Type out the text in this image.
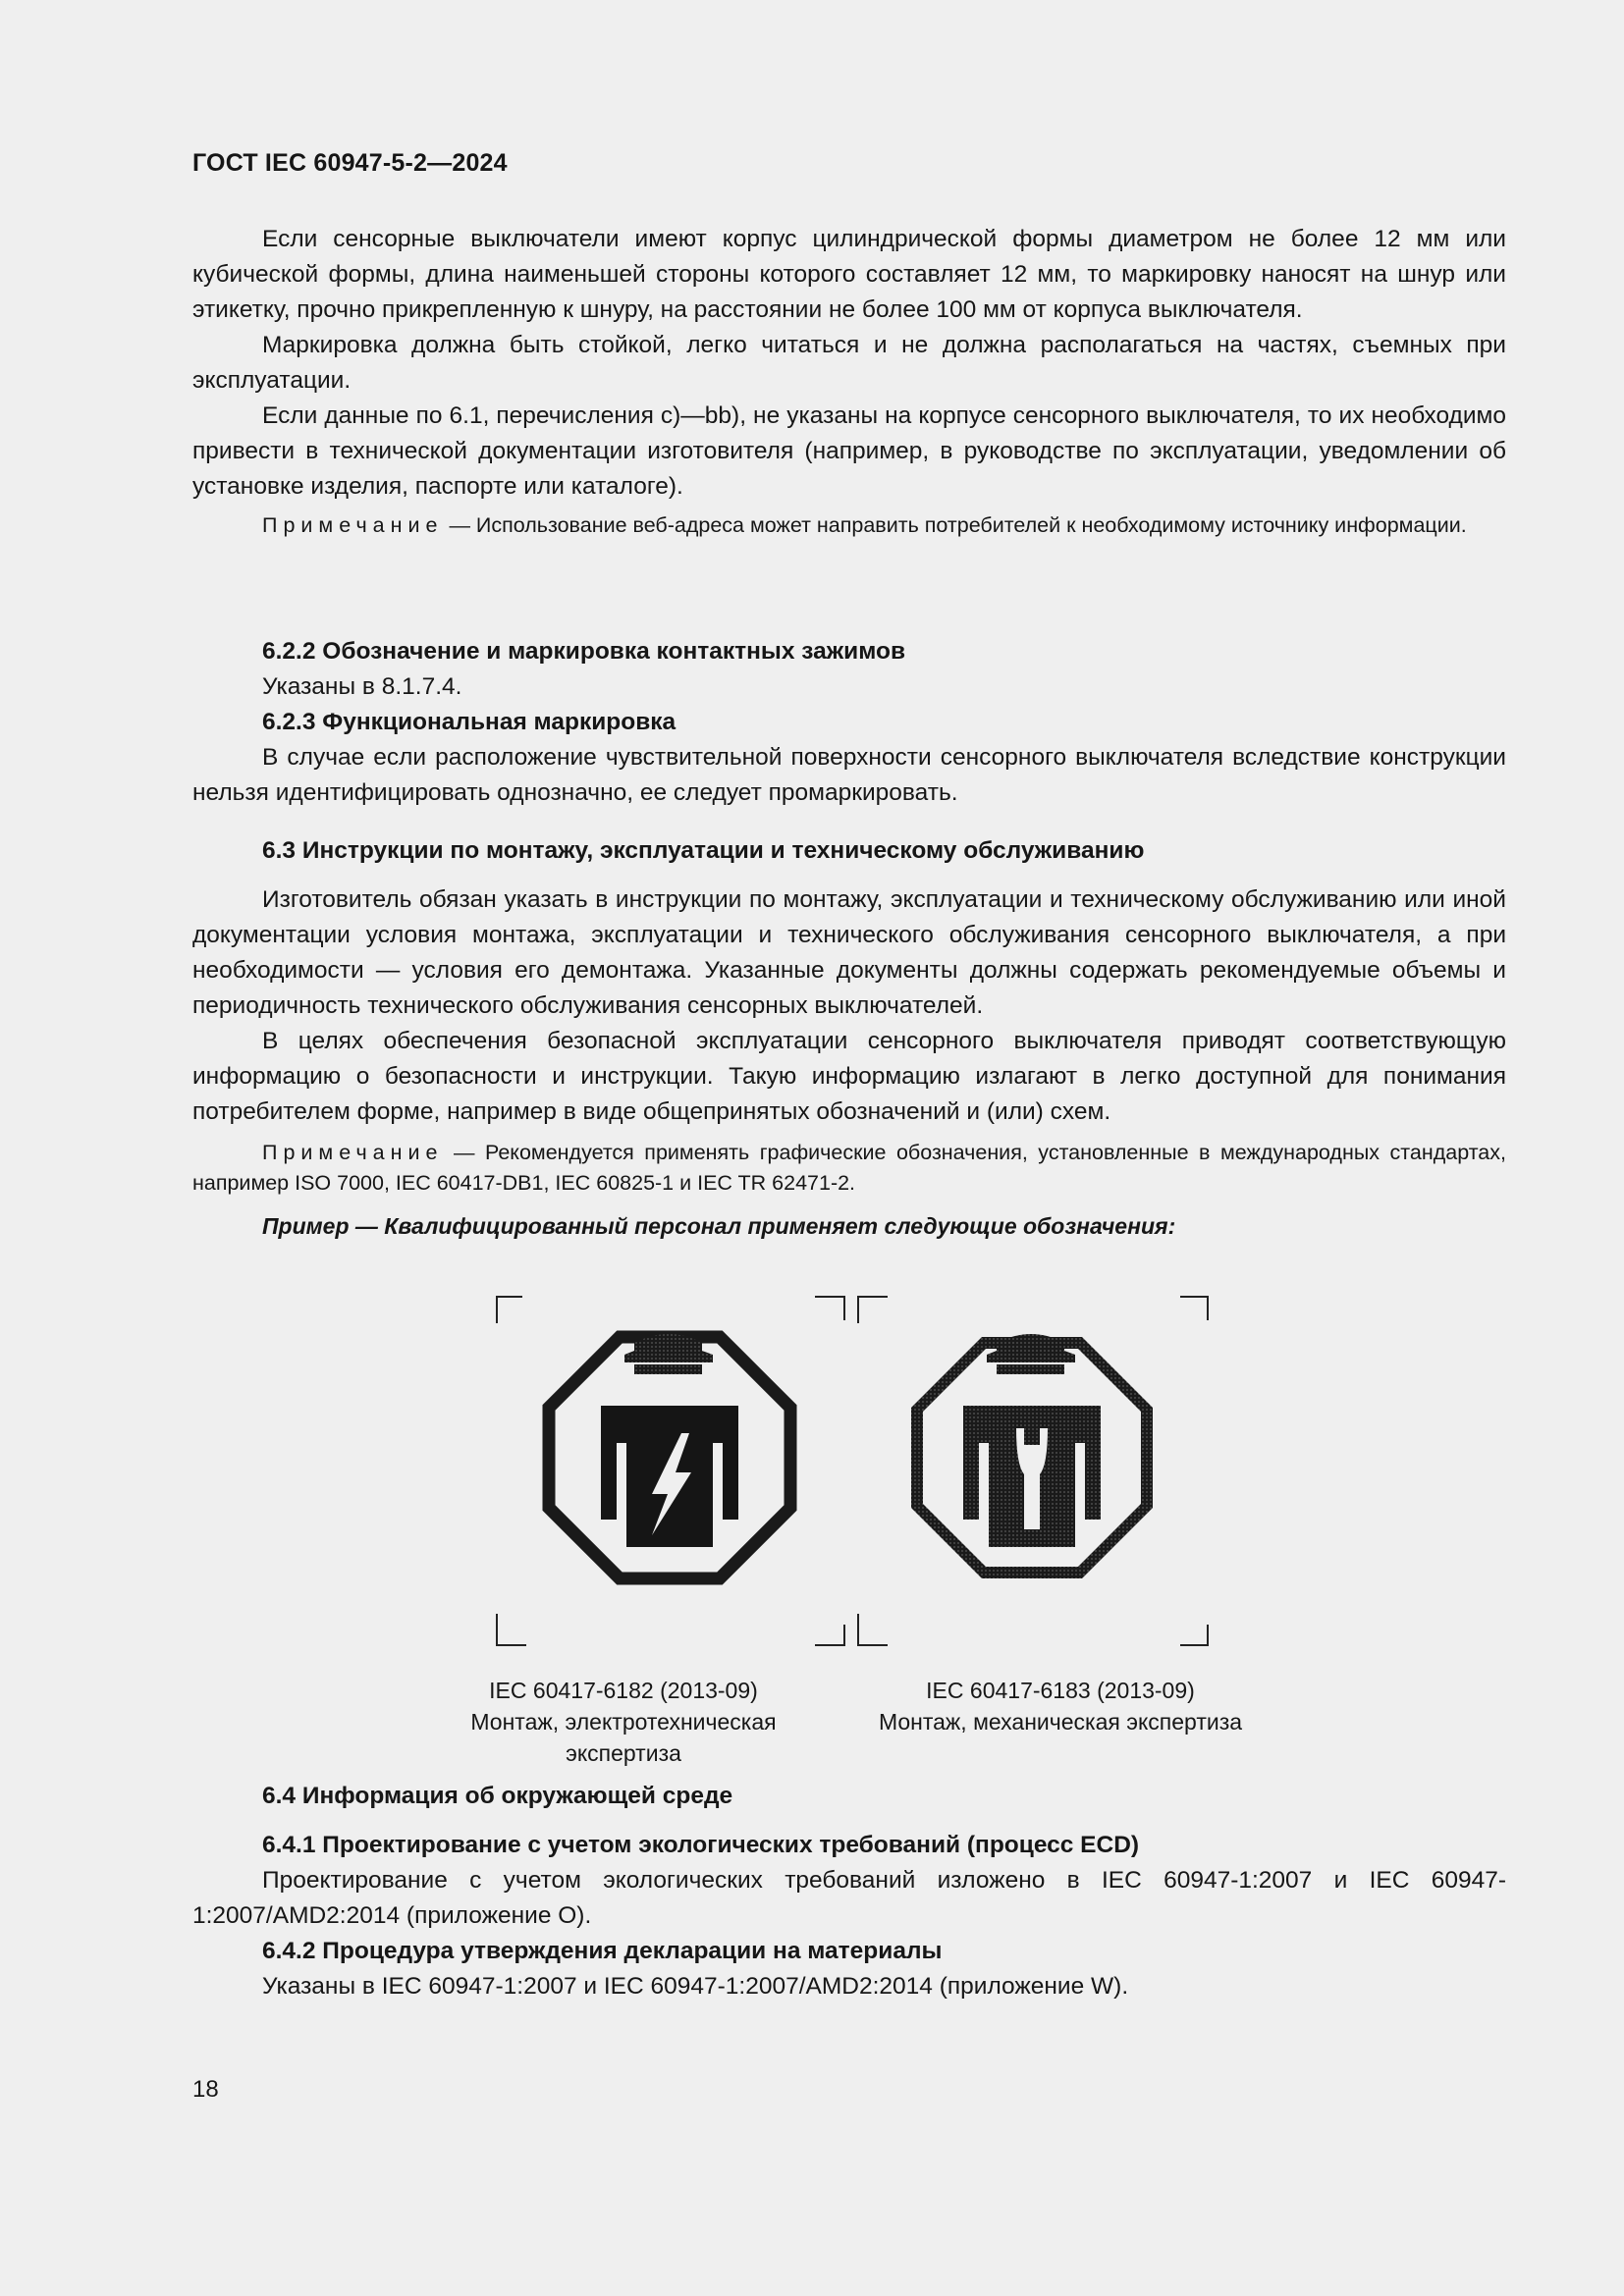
ГОСТ IEC 60947-5-2—2024

Если сенсорные выключатели имеют корпус цилиндрической формы диаметром не более 12 мм или кубической формы, длина наименьшей стороны которого составляет 12 мм, то маркировку наносят на шнур или этикетку, прочно прикрепленную к шнуру, на расстоянии не более 100 мм от корпуса выключателя.

Маркировка должна быть стойкой, легко читаться и не должна располагаться на частях, съемных при эксплуатации.

Если данные по 6.1, перечисления с)—bb), не указаны на корпусе сенсорного выключателя, то их необходимо привести в технической документации изготовителя (например, в руководстве по эксплуатации, уведомлении об установке изделия, паспорте или каталоге).

Примечание — Использование веб-адреса может направить потребителей к необходимому источнику информации.

6.2.2 Обозначение и маркировка контактных зажимов

Указаны в 8.1.7.4.

6.2.3 Функциональная маркировка

В случае если расположение чувствительной поверхности сенсорного выключателя вследствие конструкции нельзя идентифицировать однозначно, ее следует промаркировать.

6.3 Инструкции по монтажу, эксплуатации и техническому обслуживанию

Изготовитель обязан указать в инструкции по монтажу, эксплуатации и техническому обслуживанию или иной документации условия монтажа, эксплуатации и технического обслуживания сенсорного выключателя, а при необходимости — условия его демонтажа. Указанные документы должны содержать рекомендуемые объемы и периодичность технического обслуживания сенсорных выключателей.

В целях обеспечения безопасной эксплуатации сенсорного выключателя приводят соответствующую информацию о безопасности и инструкции. Такую информацию излагают в легко доступной для понимания потребителем форме, например в виде общепринятых обозначений и (или) схем.

Примечание — Рекомендуется применять графические обозначения, установленные в международных стандартах, например ISO 7000, IEC 60417-DB1, IEC 60825-1 и IEC TR 62471-2.

Пример — Квалифицированный персонал применяет следующие обозначения:

IEC 60417-6182 (2013-09)
Монтаж, электротехническая экспертиза
IEC 60417-6183 (2013-09)
Монтаж, механическая экспертиза

6.4 Информация об окружающей среде

6.4.1 Проектирование с учетом экологических требований (процесс ECD)

Проектирование с учетом экологических требований изложено в IEC 60947-1:2007 и IEC 60947-1:2007/AMD2:2014 (приложение O).

6.4.2 Процедура утверждения декларации на материалы

Указаны в IEC 60947-1:2007 и IEC 60947-1:2007/AMD2:2014 (приложение W).

18
